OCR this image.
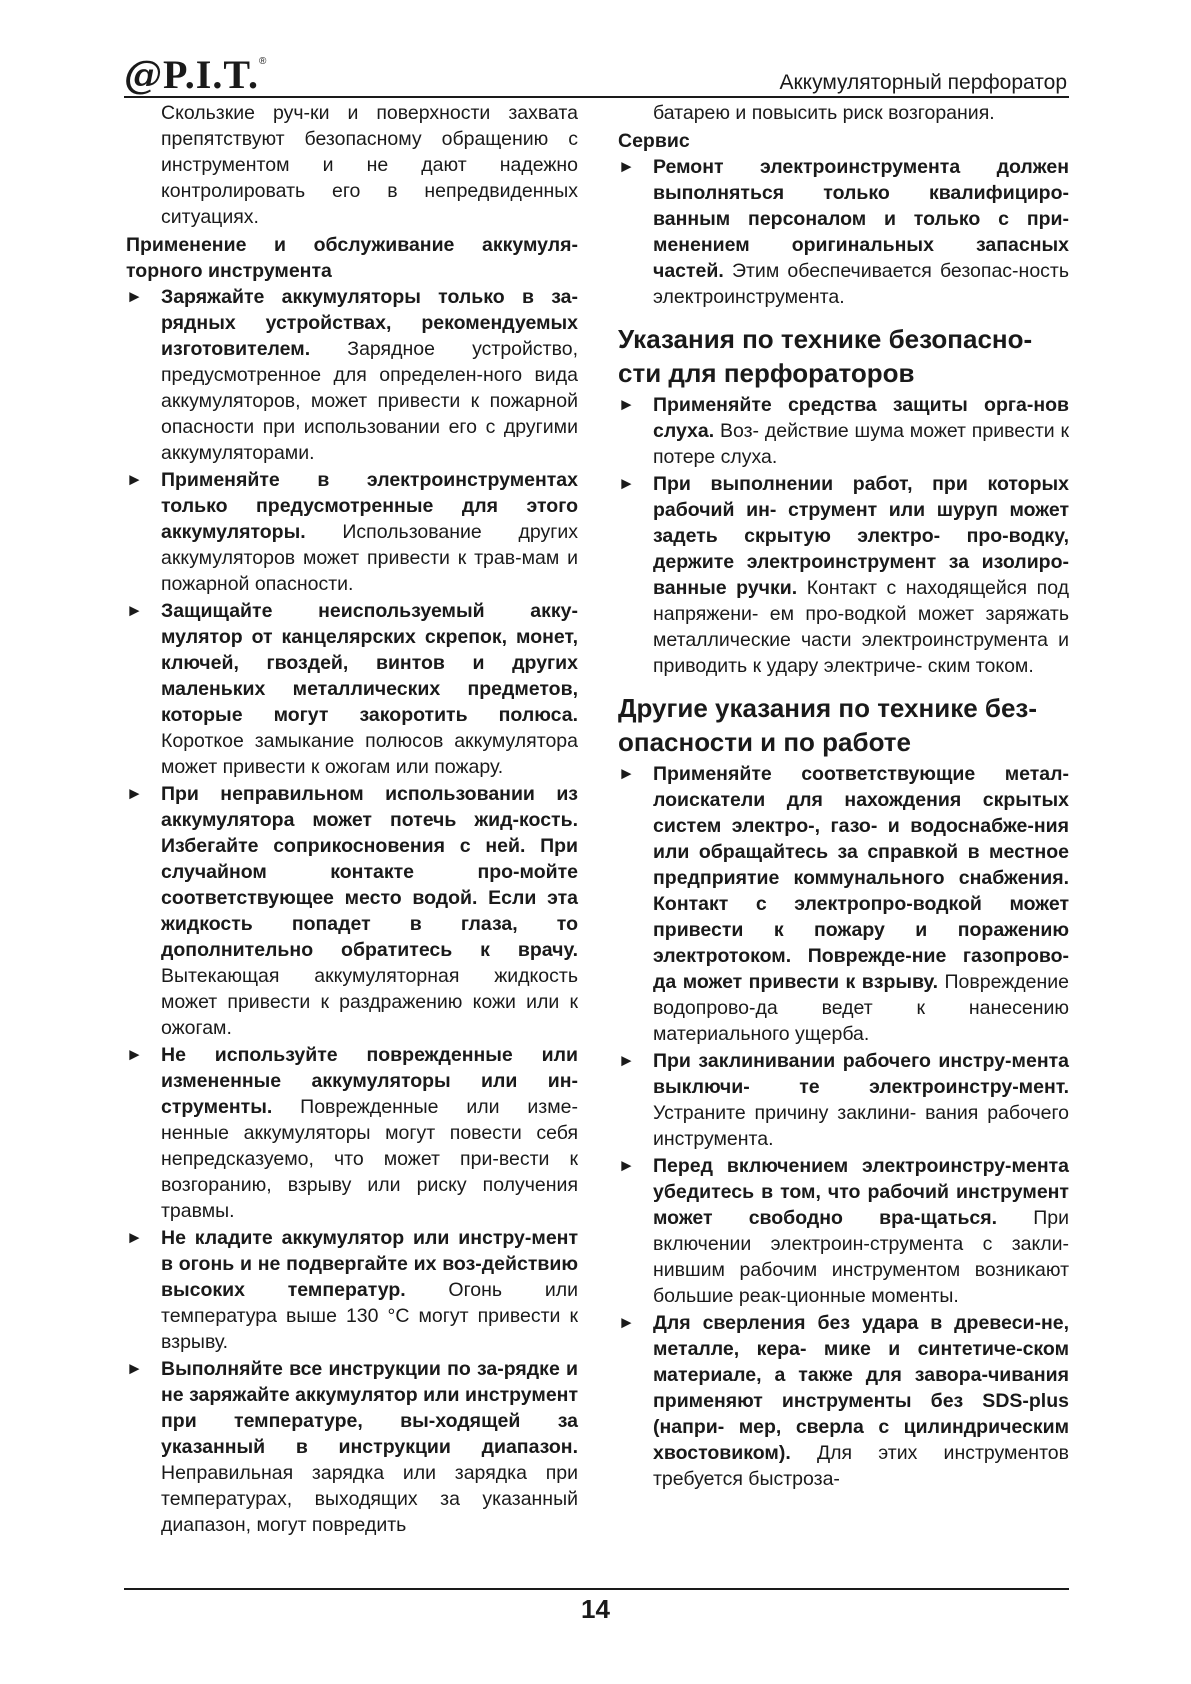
@ P.I.T. ®
Аккумуляторный перфоратор

Скользкие руч-ки и поверхности захвата препятствуют безопасному обращению с инструментом и не дают надежно контролировать его в непредвиденных ситуациях.

Применение и обслуживание аккумуля-торного инструмента

► Заряжайте аккумуляторы только в за-рядных устройствах, рекомендуемых изготовителем. Зарядное устройство, предусмотренное для определен-ного вида аккумуляторов, может привести к пожарной опасности при использовании его с другими аккумуляторами.
► Применяйте в электроинструментах только предусмотренные для этого аккумуляторы. Использование других аккумуляторов может привести к трав-мам и пожарной опасности.
► Защищайте неиспользуемый акку-мулятор от канцелярских скрепок, монет, ключей, гвоздей, винтов и других маленьких металлических предметов, которые могут закоротить полюса. Короткое замыкание полюсов аккумулятора может привести к ожогам или пожару.
► При неправильном использовании из аккумулятора может потечь жид-кость. Избегайте соприкосновения с ней. При случайном контакте про-мойте соответствующее место водой. Если эта жидкость попадет в глаза, то дополнительно обратитесь к врачу. Вытекающая аккумуляторная жидкость может привести к раздражению кожи или к ожогам.
► Не используйте поврежденные или измененные аккумуляторы или ин-струменты. Поврежденные или изме-ненные аккумуляторы могут повести себя непредсказуемо, что может при-вести к возгоранию, взрыву или риску получения травмы.
► Не кладите аккумулятор или инстру-мент в огонь и не подвергайте их воз-действию высоких температур. Огонь или температура выше 130 °С могут привести к взрыву.
► Выполняйте все инструкции по за-рядке и не заряжайте аккумулятор или инструмент при температуре, вы-ходящей за указанный в инструкции диапазон. Неправильная зарядка или зарядка при температурах, выходящих за указанный диапазон, могут повредить

батарею и повысить риск возгорания.

Сервис

► Ремонт электроинструмента должен выполняться только квалифициро-ванным персоналом и только с при-менением оригинальных запасных частей. Этим обеспечивается безопас-ность электроинструмента.
Указания по технике безопасно-сти для перфораторов
► Применяйте средства защиты орга-нов слуха. Воз- действие шума может привести к потере слуха.
► При выполнении работ, при которых рабочий ин- струмент или шуруп может задеть скрытую электро- про-водку, держите электроинструмент за изолиро- ванные ручки. Контакт с находящейся под напряжени- ем про-водкой может заряжать металлические части электроинструмента и приводить к удару электриче- ским током.
Другие указания по технике без-опасности и по работе
► Применяйте соответствующие метал-лоискатели для нахождения скрытых систем электро-, газо- и водоснабже-ния или обращайтесь за справкой в местное предприятие коммунального снабжения. Контакт с электропро-водкой может привести к пожару и поражению электротоком. Поврежде-ние газопрово- да может привести к взрыву. Повреждение водопрово-да ведет к нанесению материального ущерба.
► При заклинивании рабочего инстру-мента выключи- те электроинстру-мент. Устраните причину заклини- вания рабочего инструмента.
► Перед включением электроинстру-мента убедитесь в том, что рабочий инструмент может свободно вра-щаться. При включении электроин-струмента с закли- нившим рабочим инструментом возникают большие реак-ционные моменты.
► Для сверления без удара в древеси-не, металле, кера- мике и синтетиче-ском материале, а также для завора-чивания применяют инструменты без SDS-plus (напри- мер, сверла с цилиндрическим хвостовиком). Для этих инструментов требуется быстроза-
14
